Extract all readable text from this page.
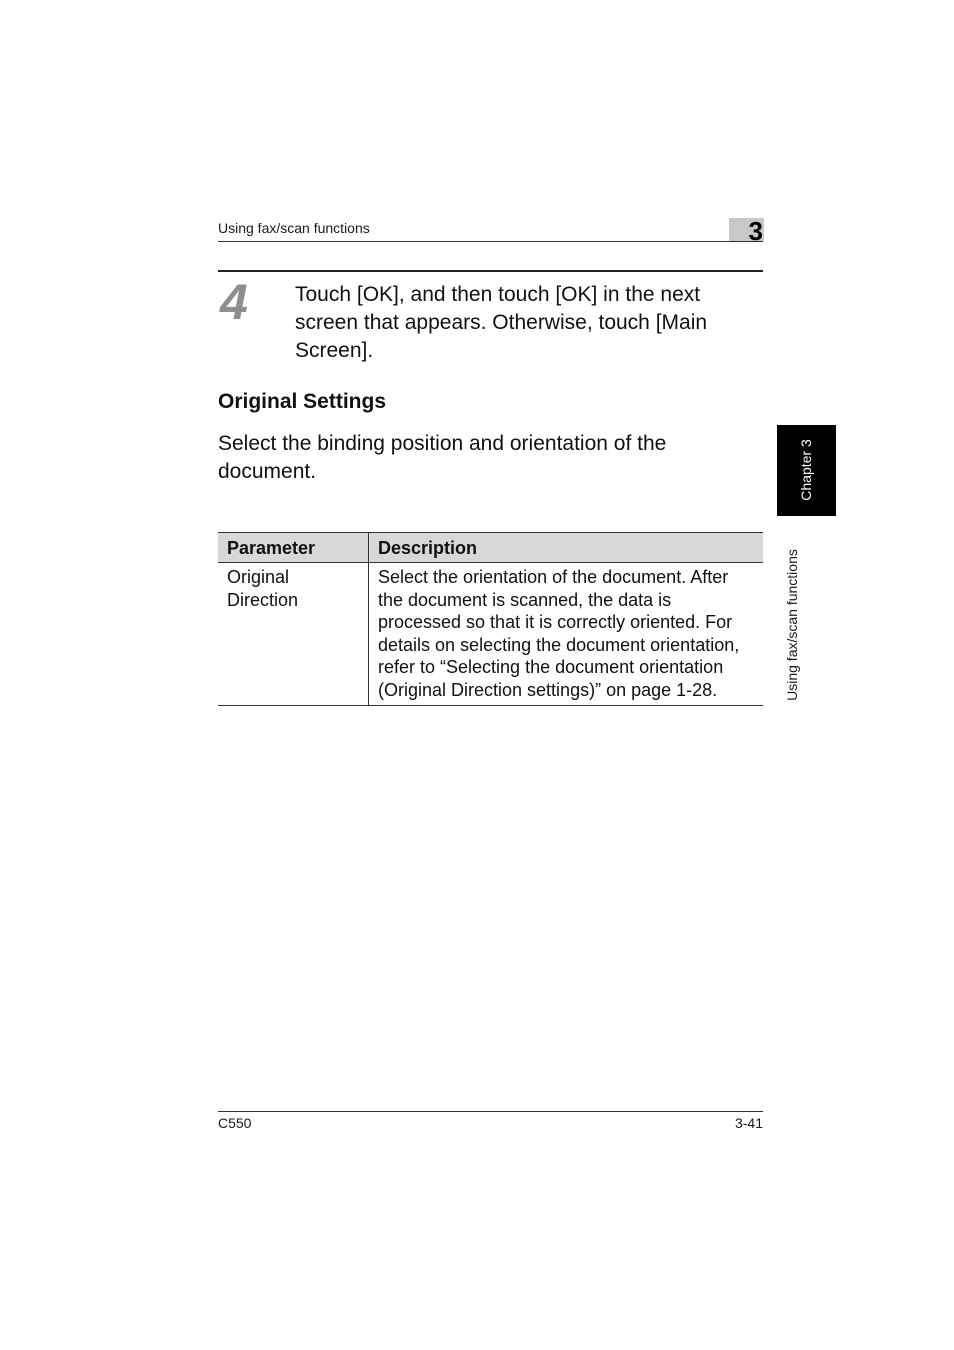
Using fax/scan functions	3
4 Touch [OK], and then touch [OK] in the next screen that appears. Otherwise, touch [Main Screen].
Original Settings
Select the binding position and orientation of the document.
Parameter	Description
Original Direction	Select the orientation of the document. After the document is scanned, the data is processed so that it is correctly oriented. For details on selecting the document orientation, refer to “Selecting the document orientation (Original Direction settings)” on page 1-28.
Chapter 3
Using fax/scan functions
C550	3-41
